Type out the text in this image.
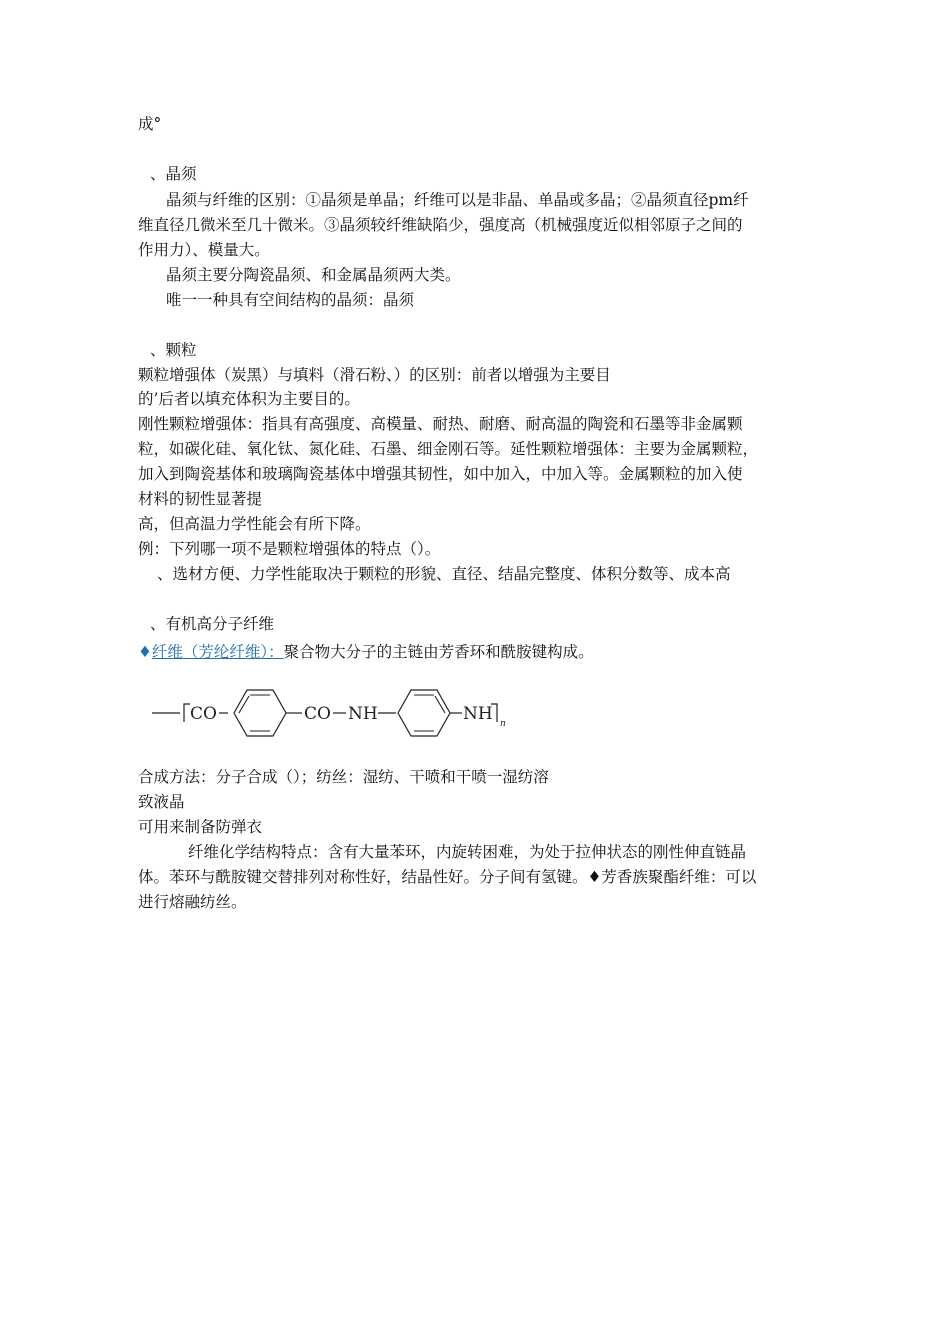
成°
、晶须
晶须与纤维的区别：①晶须是单晶；纤维可以是非晶、单晶或多晶；②晶须直径pm纤
维直径几微米至几十微米。③晶须较纤维缺陷少，强度高（机械强度近似相邻原子之间的
作用力）、模量大。
晶须主要分陶瓷晶须、和金属晶须两大类。
唯一一种具有空间结构的晶须：晶须
、颗粒
颗粒增强体（炭黑）与填料（滑石粉、）的区别：前者以增强为主要目
的’后者以填充体积为主要目的。
刚性颗粒增强体：指具有高强度、高模量、耐热、耐磨、耐高温的陶瓷和石墨等非金属颗
粒，如碳化硅、氧化钛、氮化硅、石墨、细金刚石等。延性颗粒增强体：主要为金属颗粒，
加入到陶瓷基体和玻璃陶瓷基体中增强其韧性，如中加入，中加入等。金属颗粒的加入使
材料的韧性显著提
高，但高温力学性能会有所下降。
例：下列哪一项不是颗粒增强体的特点（）。
、选材方便、力学性能取决于颗粒的形貌、直径、结晶完整度、体积分数等、成本高
、有机高分子纤维
♦纤维（芳纶纤维）：聚合物大分子的主链由芳香环和酰胺键构成。
CO	CO NH	NH n
合成方法：分子合成（）；纺丝：湿纺、干喷和干喷一湿纺溶
致液晶
可用来制备防弹衣
纤维化学结构特点：含有大量苯环，内旋转困难，为处于拉伸状态的刚性伸直链晶
体。苯环与酰胺键交替排列对称性好，结晶性好。分子间有氢键。♦芳香族聚酯纤维：可以
进行熔融纺丝。
